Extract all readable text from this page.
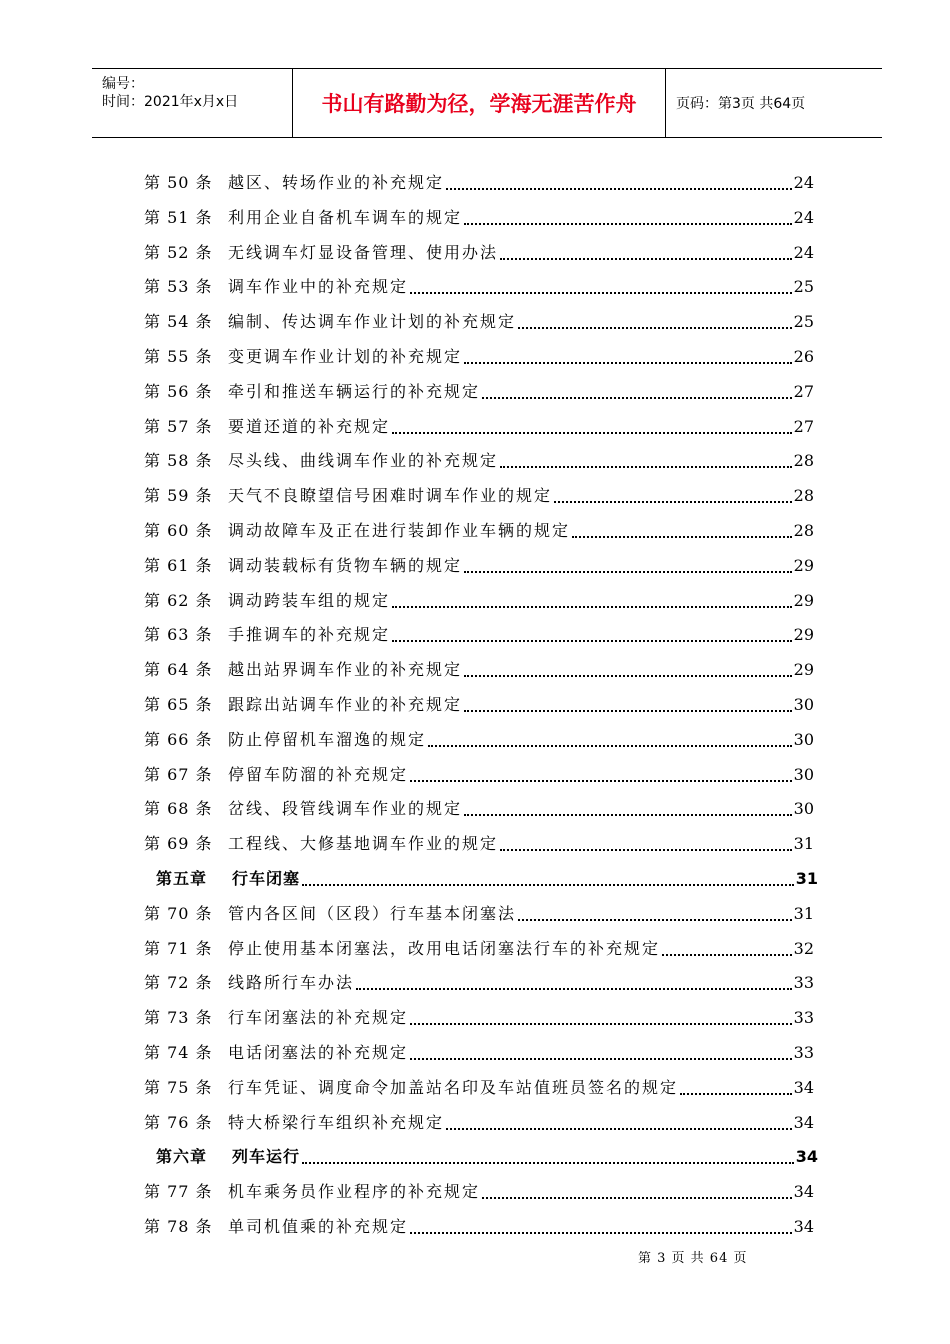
编号：
时间：2021年x月x日	书山有路勤为径，学海无涯苦作舟	页码：第3页 共64页
第 50 条 越区、转场作业的补充规定	24
第 51 条 利用企业自备机车调车的规定	24
第 52 条 无线调车灯显设备管理、使用办法	24
第 53 条 调车作业中的补充规定	25
第 54 条 编制、传达调车作业计划的补充规定	25
第 55 条 变更调车作业计划的补充规定	26
第 56 条 牵引和推送车辆运行的补充规定	27
第 57 条 要道还道的补充规定	27
第 58 条 尽头线、曲线调车作业的补充规定	28
第 59 条 天气不良瞭望信号困难时调车作业的规定	28
第 60 条 调动故障车及正在进行装卸作业车辆的规定	28
第 61 条 调动装载标有货物车辆的规定	29
第 62 条 调动跨装车组的规定	29
第 63 条 手推调车的补充规定	29
第 64 条 越出站界调车作业的补充规定	29
第 65 条 跟踪出站调车作业的补充规定	30
第 66 条 防止停留机车溜逸的规定	30
第 67 条 停留车防溜的补充规定	30
第 68 条 岔线、段管线调车作业的规定	30
第 69 条 工程线、大修基地调车作业的规定	31
第五章	行车闭塞	31
第 70 条 管内各区间（区段）行车基本闭塞法	31
第 71 条 停止使用基本闭塞法，改用电话闭塞法行车的补充规定	32
第 72 条 线路所行车办法	33
第 73 条 行车闭塞法的补充规定	33
第 74 条 电话闭塞法的补充规定	33
第 75 条 行车凭证、调度命令加盖站名印及车站值班员签名的规定	34
第 76 条 特大桥梁行车组织补充规定	34
第六章	列车运行	34
第 77 条 机车乘务员作业程序的补充规定	34
第 78 条 单司机值乘的补充规定	34
第 3 页 共 64 页
